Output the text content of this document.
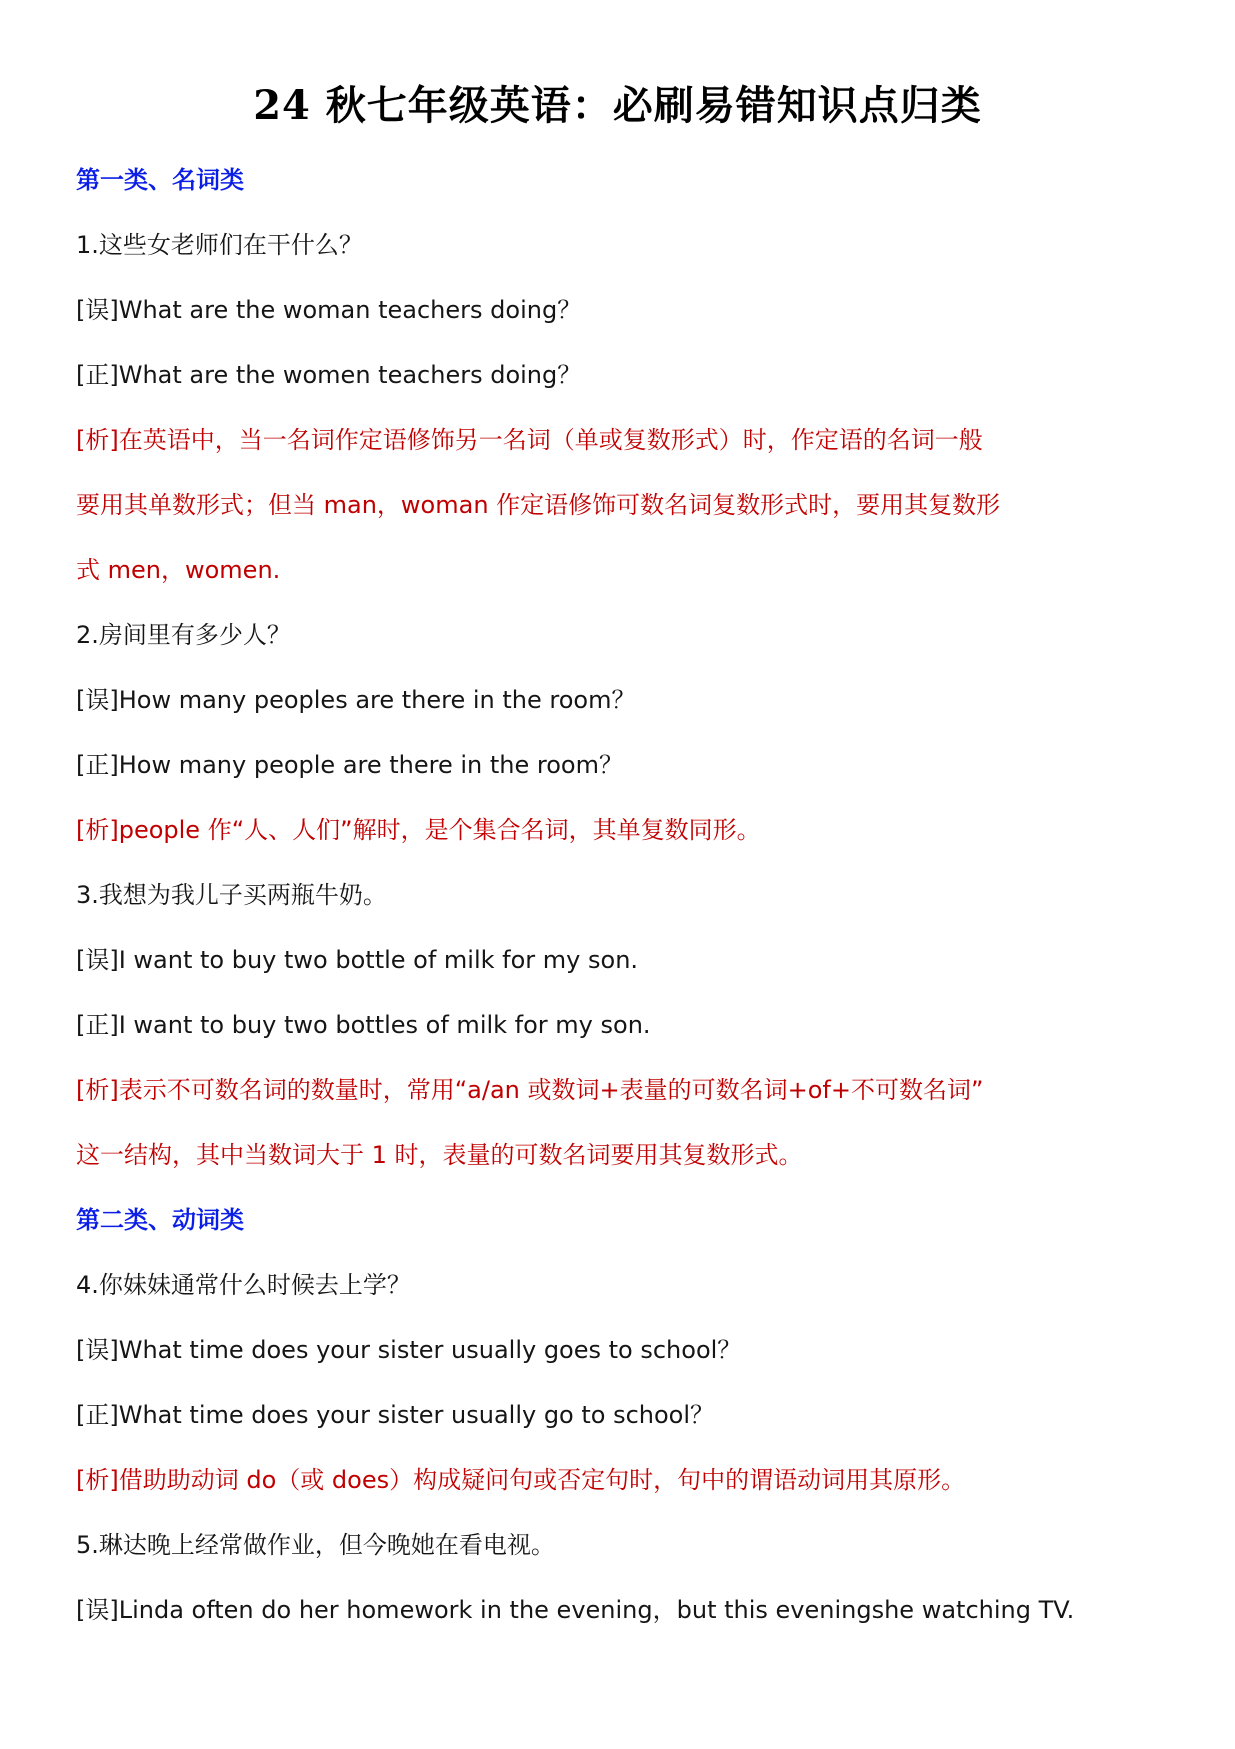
24 秋七年级英语：必刷易错知识点归类
第一类、名词类
1.这些女老师们在干什么？
[误]What are the woman teachers doing？
[正]What are the women teachers doing？
[析]在英语中，当一名词作定语修饰另一名词（单或复数形式）时，作定语的名词一般
要用其单数形式；但当 man，woman 作定语修饰可数名词复数形式时，要用其复数形
式 men，women.
2.房间里有多少人？
[误]How many peoples are there in the room？
[正]How many people are there in the room？
[析]people 作“人、人们”解时，是个集合名词，其单复数同形。
3.我想为我儿子买两瓶牛奶。
[误]I want to buy two bottle of milk for my son.
[正]I want to buy two bottles of milk for my son.
[析]表示不可数名词的数量时，常用“a/an 或数词+表量的可数名词+of+不可数名词”
这一结构，其中当数词大于 1 时，表量的可数名词要用其复数形式。
第二类、动词类
4.你妹妹通常什么时候去上学？
[误]What time does your sister usually goes to school？
[正]What time does your sister usually go to school？
[析]借助助动词 do（或 does）构成疑问句或否定句时，句中的谓语动词用其原形。
5.琳达晚上经常做作业，但今晚她在看电视。
[误]Linda often do her homework in the evening，but this eveningshe watching TV.
